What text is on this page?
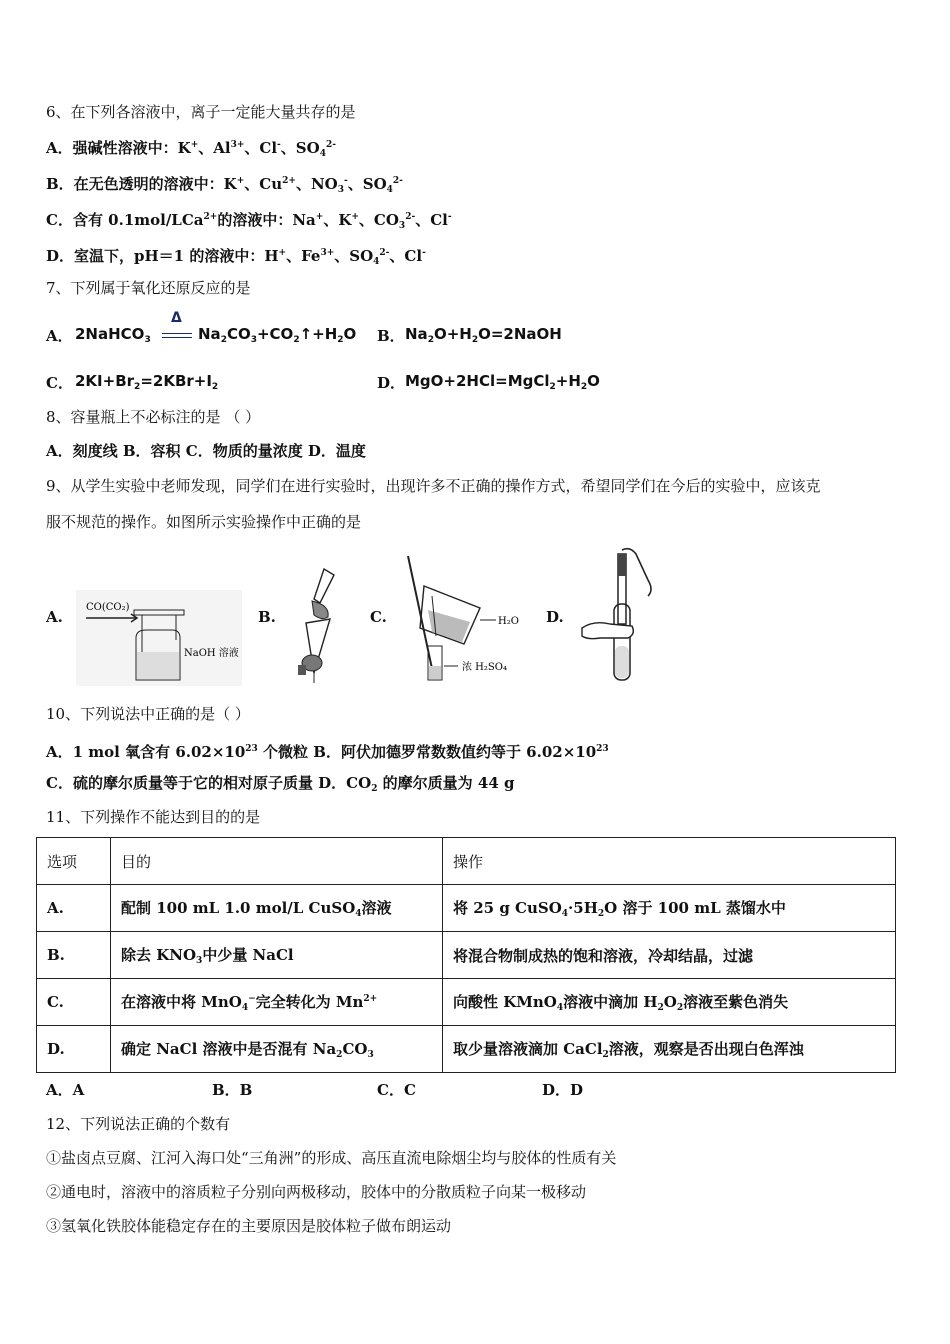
6、在下列各溶液中，离子一定能大量共存的是
A．强碱性溶液中：K+、$Al^{3+}$、Cl-、$SO_4^{2-}$
B．在无色透明的溶液中：K+、$Cu^{2+}$、$NO_3^-$、$SO_4^{2-}$
C．含有 0.1mol/LCa$^{2+}$的溶液中：Na+、K+、$CO_3^{2-}$、Cl-
D．室温下，pH＝1 的溶液中：H+、$Fe^{3+}$、$SO_4^{2-}$、Cl-
7、下列属于氧化还原反应的是
A． 2NaHCO$_3$
Δ
$Na_2CO_3+CO_2↑+H_2O$ B． $Na_2O+H_2O=2NaOH$
C． $2KI+Br_2=2KBr+I_2$	D． $MgO+2HCl=MgCl_2+H_2O$
8、容量瓶上不必标注的是 （ ）
A．刻度线 B．容积 C．物质的量浓度 D．温度
9、从学生实验中老师发现，同学们在进行实验时，出现许多不正确的操作方式，希望同学们在今后的实验中，应该克
服不规范的操作。如图所示实验操作中正确的是
A.	B.	C.	D.
CO(CO₂)
NaOH 溶液
H₂O
浓 H₂SO₄
10、下列说法中正确的是（ ）
A．1 mol 氧含有 $6.02\times 10^{23}$ 个微粒 B．阿伏加德罗常数数值约等于 $6.02\times 10^{23}$
C．硫的摩尔质量等于它的相对原子质量 D．$CO_2$ 的摩尔质量为 44 g
11、下列操作不能达到目的的是
选项	目的	操作
A.	配制 100 mL 1.0 mol/L CuSO$_4$溶液	将 25 g $CuSO_4\cdot 5H_2O$ 溶于 100 mL 蒸馏水中
B.	除去 $KNO_3$中少量 NaCl	将混合物制成热的饱和溶液，冷却结晶，过滤
C.	在溶液中将 MnO$_4$−完全转化为 $Mn^{2+}$	向酸性 KMnO$_4$溶液中滴加 $H_2O_2$溶液至紫色消失
D.	确定 NaCl 溶液中是否混有 $Na_2CO_3$	取少量溶液滴加 CaCl$_2$溶液，观察是否出现白色浑浊
A．A	B．B	C．C	D．D
12、下列说法正确的个数有
①盐卤点豆腐、江河入海口处“三角洲”的形成、高压直流电除烟尘均与胶体的性质有关
②通电时，溶液中的溶质粒子分别向两极移动，胶体中的分散质粒子向某一极移动
③氢氧化铁胶体能稳定存在的主要原因是胶体粒子做布朗运动
